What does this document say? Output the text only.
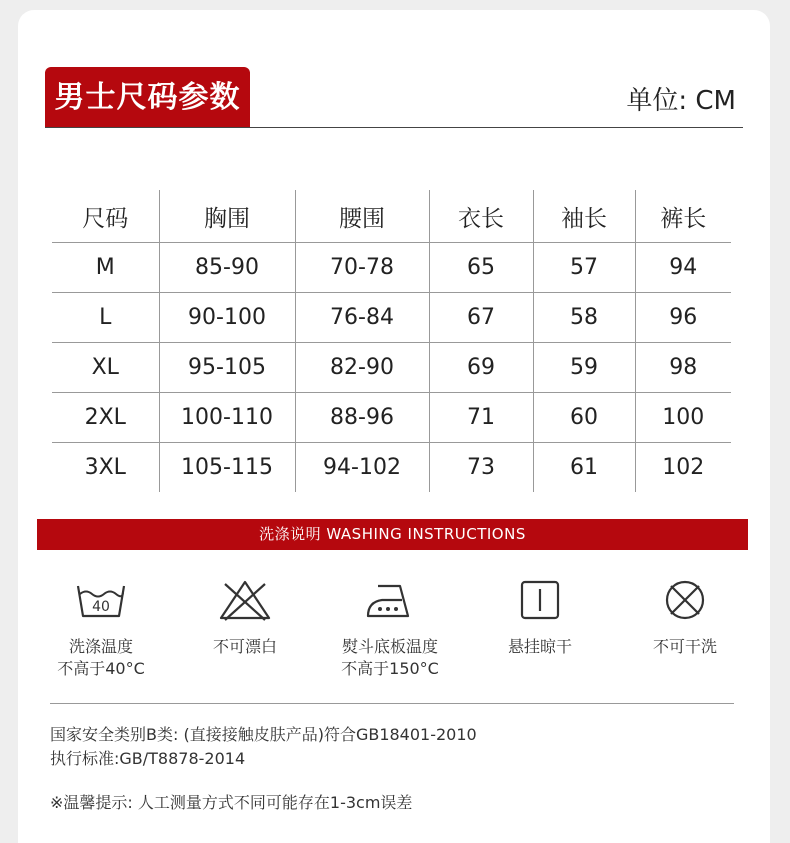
男士尺码参数	单位: CM
尺码	胸围	腰围	衣长	袖长	裤长
M	85-90	70-78	65	57	94
L	90-100	76-84	67	58	96
XL	95-105	82-90	69	59	98
2XL	100-110	88-96	71	60	100
3XL	105-115	94-102	73	61	102
洗涤说明 WASHING INSTRUCTIONS
40
洗涤温度
不高于40°C
不可漂白	熨斗底板温度
不高于150°C
悬挂晾干	不可干洗
国家安全类别B类: (直接接触皮肤产品)符合GB18401-2010
执行标准:GB/T8878-2014
※温馨提示: 人工测量方式不同可能存在1-3cm误差
